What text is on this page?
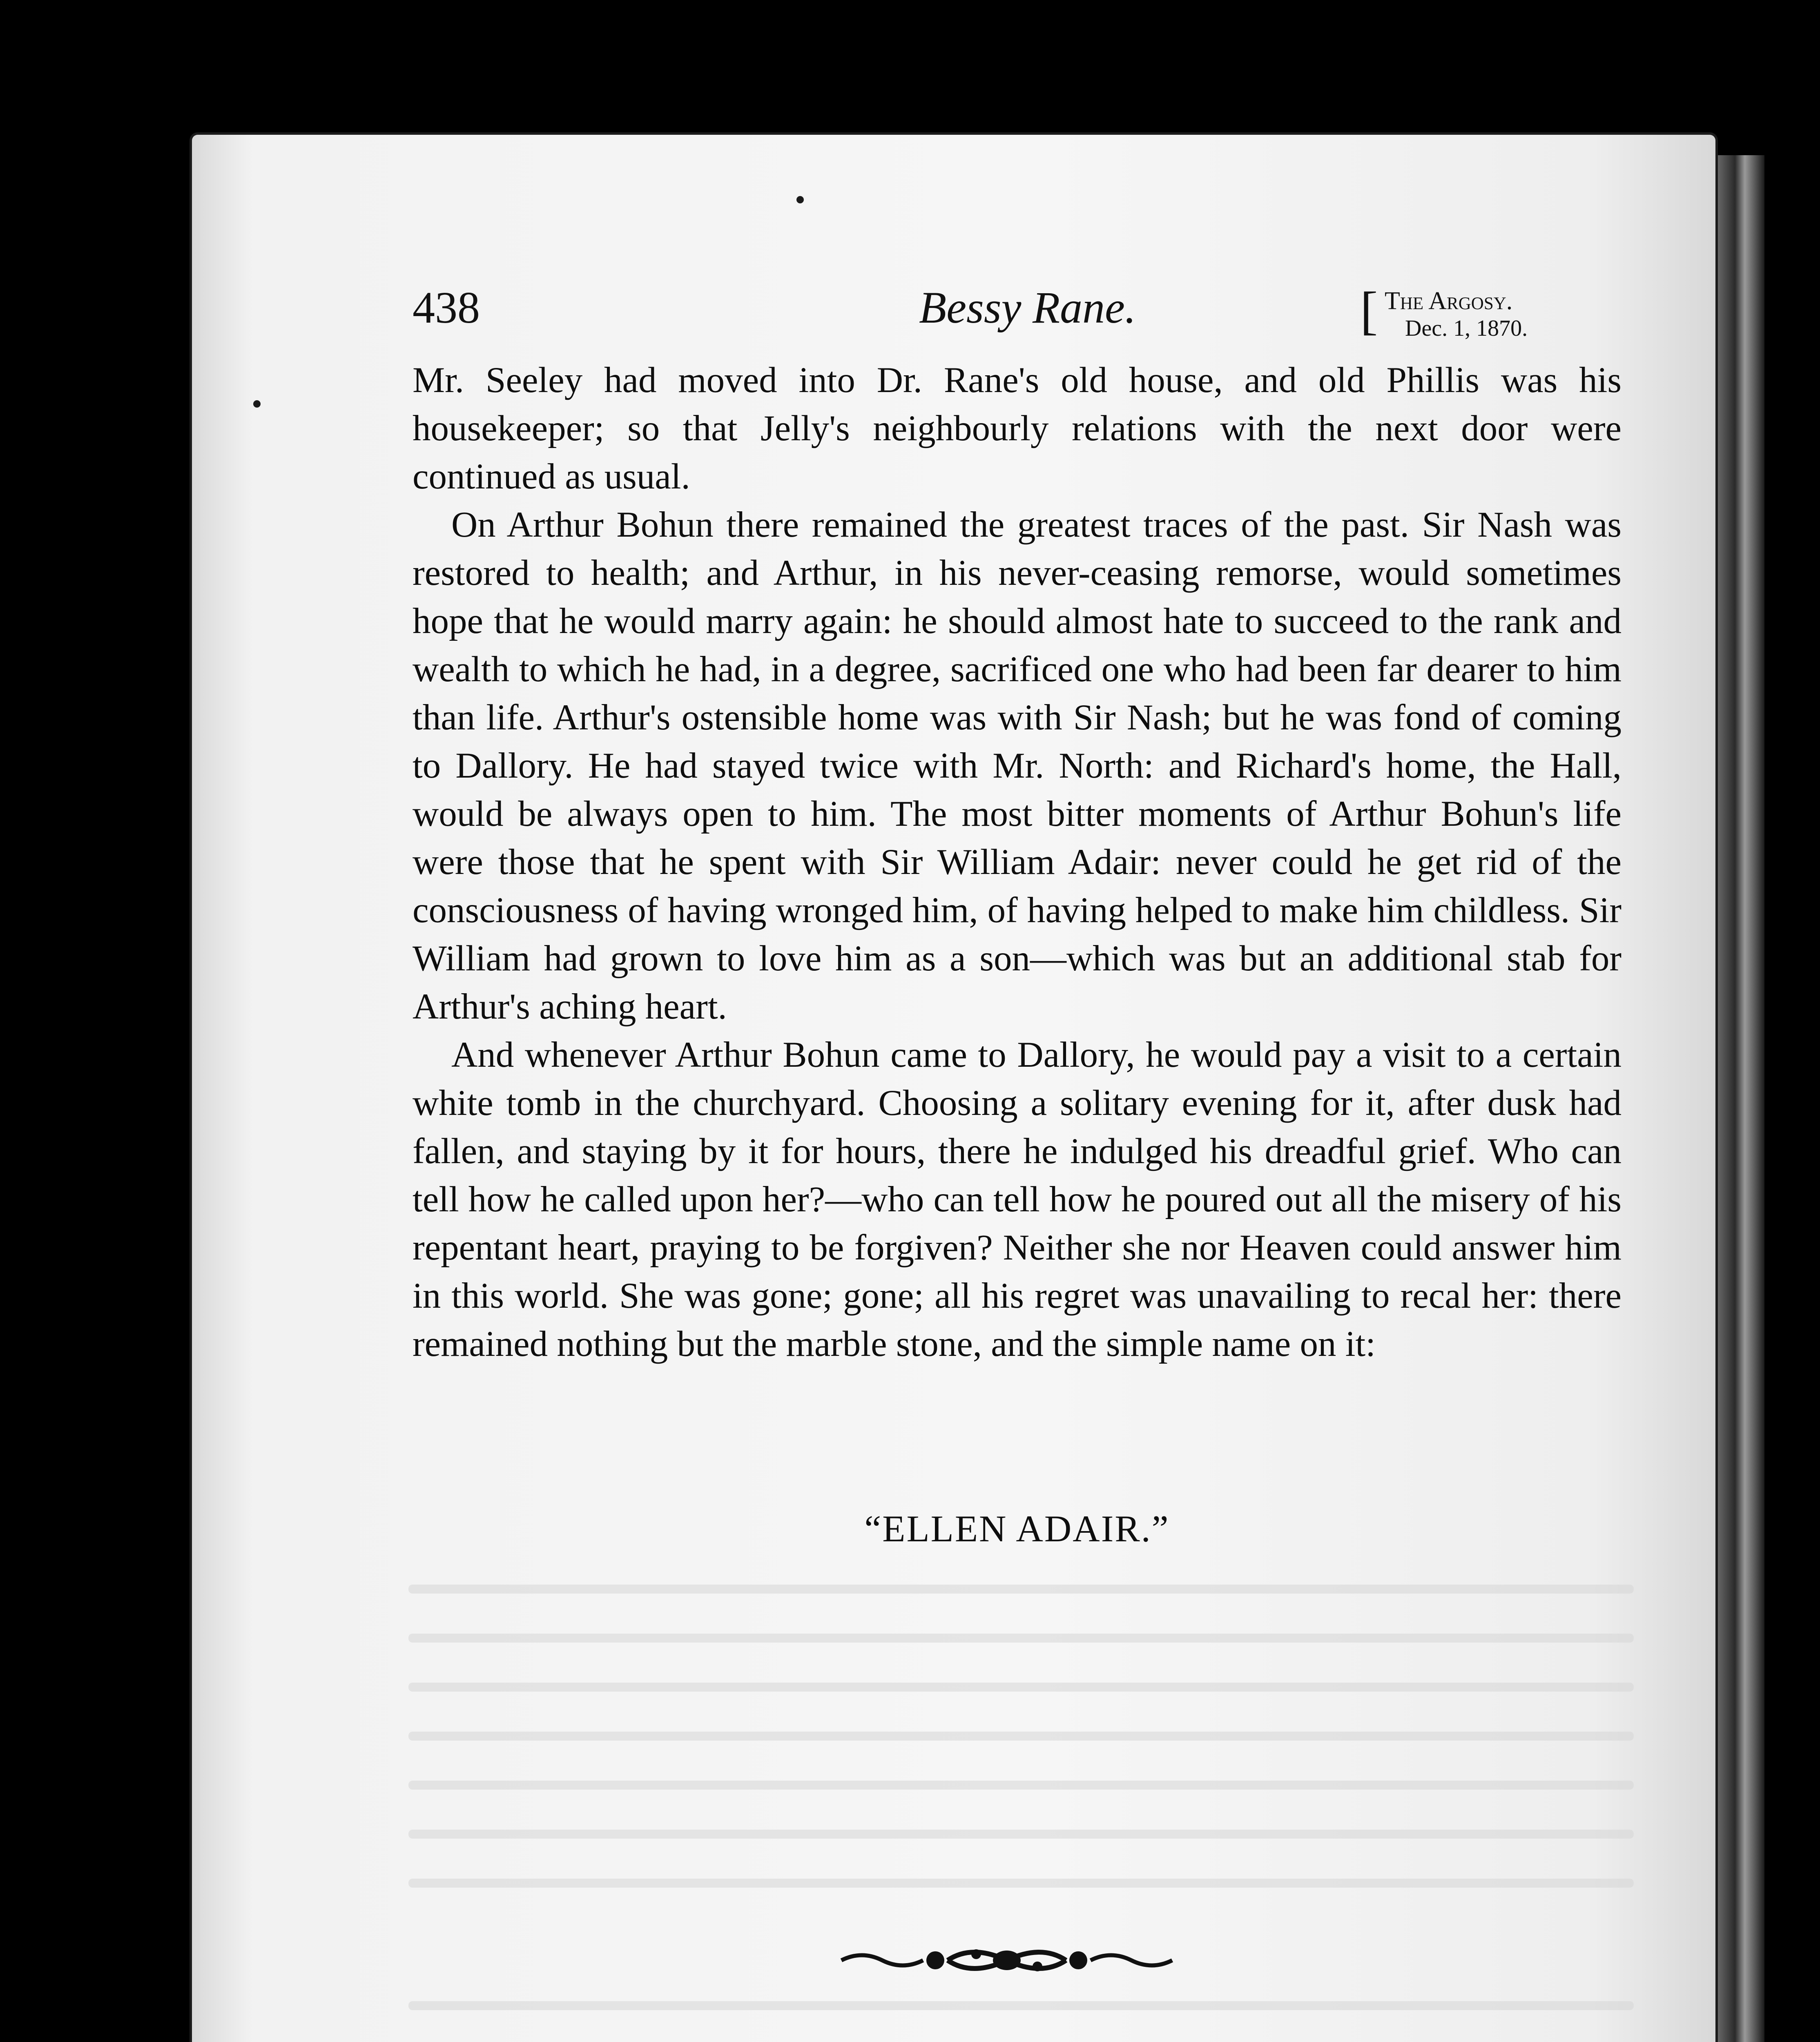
438	Bessy Rane.	[ The Argosy.
Dec. 1, 1870.

Mr. Seeley had moved into Dr. Rane's old house, and old Phillis was his housekeeper; so that Jelly's neighbourly relations with the next door were continued as usual.

On Arthur Bohun there remained the greatest traces of the past. Sir Nash was restored to health; and Arthur, in his never-ceasing remorse, would sometimes hope that he would marry again: he should almost hate to succeed to the rank and wealth to which he had, in a degree, sacrificed one who had been far dearer to him than life. Arthur's ostensible home was with Sir Nash; but he was fond of coming to Dallory. He had stayed twice with Mr. North: and Richard's home, the Hall, would be always open to him. The most bitter moments of Arthur Bohun's life were those that he spent with Sir William Adair: never could he get rid of the consciousness of having wronged him, of having helped to make him childless. Sir William had grown to love him as a son—which was but an additional stab for Arthur's aching heart.

And whenever Arthur Bohun came to Dallory, he would pay a visit to a certain white tomb in the churchyard. Choosing a solitary evening for it, after dusk had fallen, and staying by it for hours, there he indulged his dreadful grief. Who can tell how he called upon her?—who can tell how he poured out all the misery of his repentant heart, praying to be forgiven? Neither she nor Heaven could answer him in this world. She was gone; gone; all his regret was unavailing to recal her: there remained nothing but the marble stone, and the simple name on it:

“ELLEN ADAIR.”
